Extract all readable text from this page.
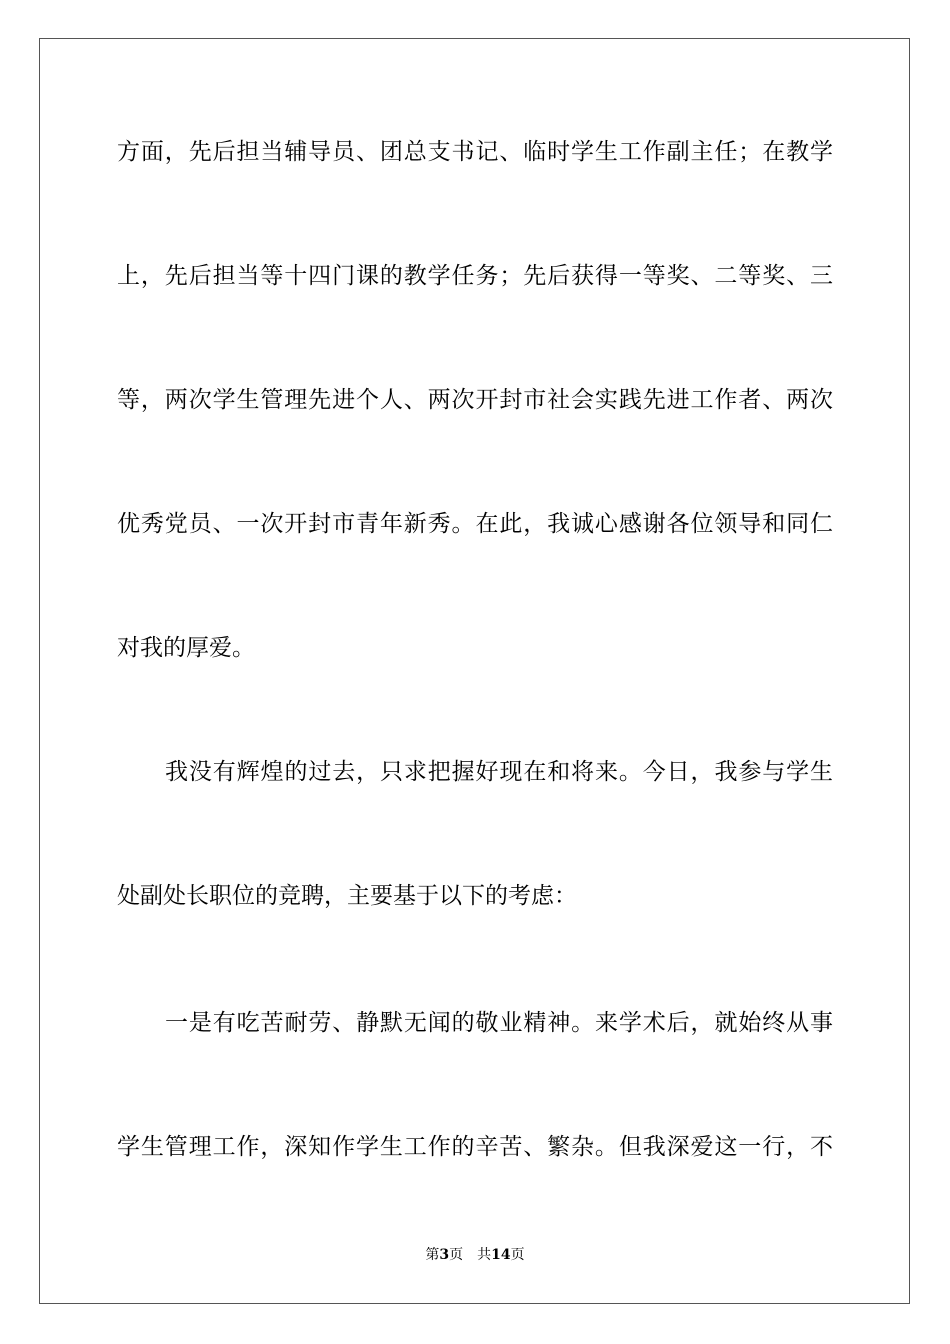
方面，先后担当辅导员、团总支书记、临时学生工作副主任；在教学
上，先后担当等十四门课的教学任务；先后获得一等奖、二等奖、三
等，两次学生管理先进个人、两次开封市社会实践先进工作者、两次
优秀党员、一次开封市青年新秀。在此，我诚心感谢各位领导和同仁
对我的厚爱。
我没有辉煌的过去，只求把握好现在和将来。今日，我参与学生
处副处长职位的竞聘，主要基于以下的考虑：
一是有吃苦耐劳、静默无闻的敬业精神。来学术后，就始终从事
学生管理工作，深知作学生工作的辛苦、繁杂。但我深爱这一行，不
第3页 共14页
